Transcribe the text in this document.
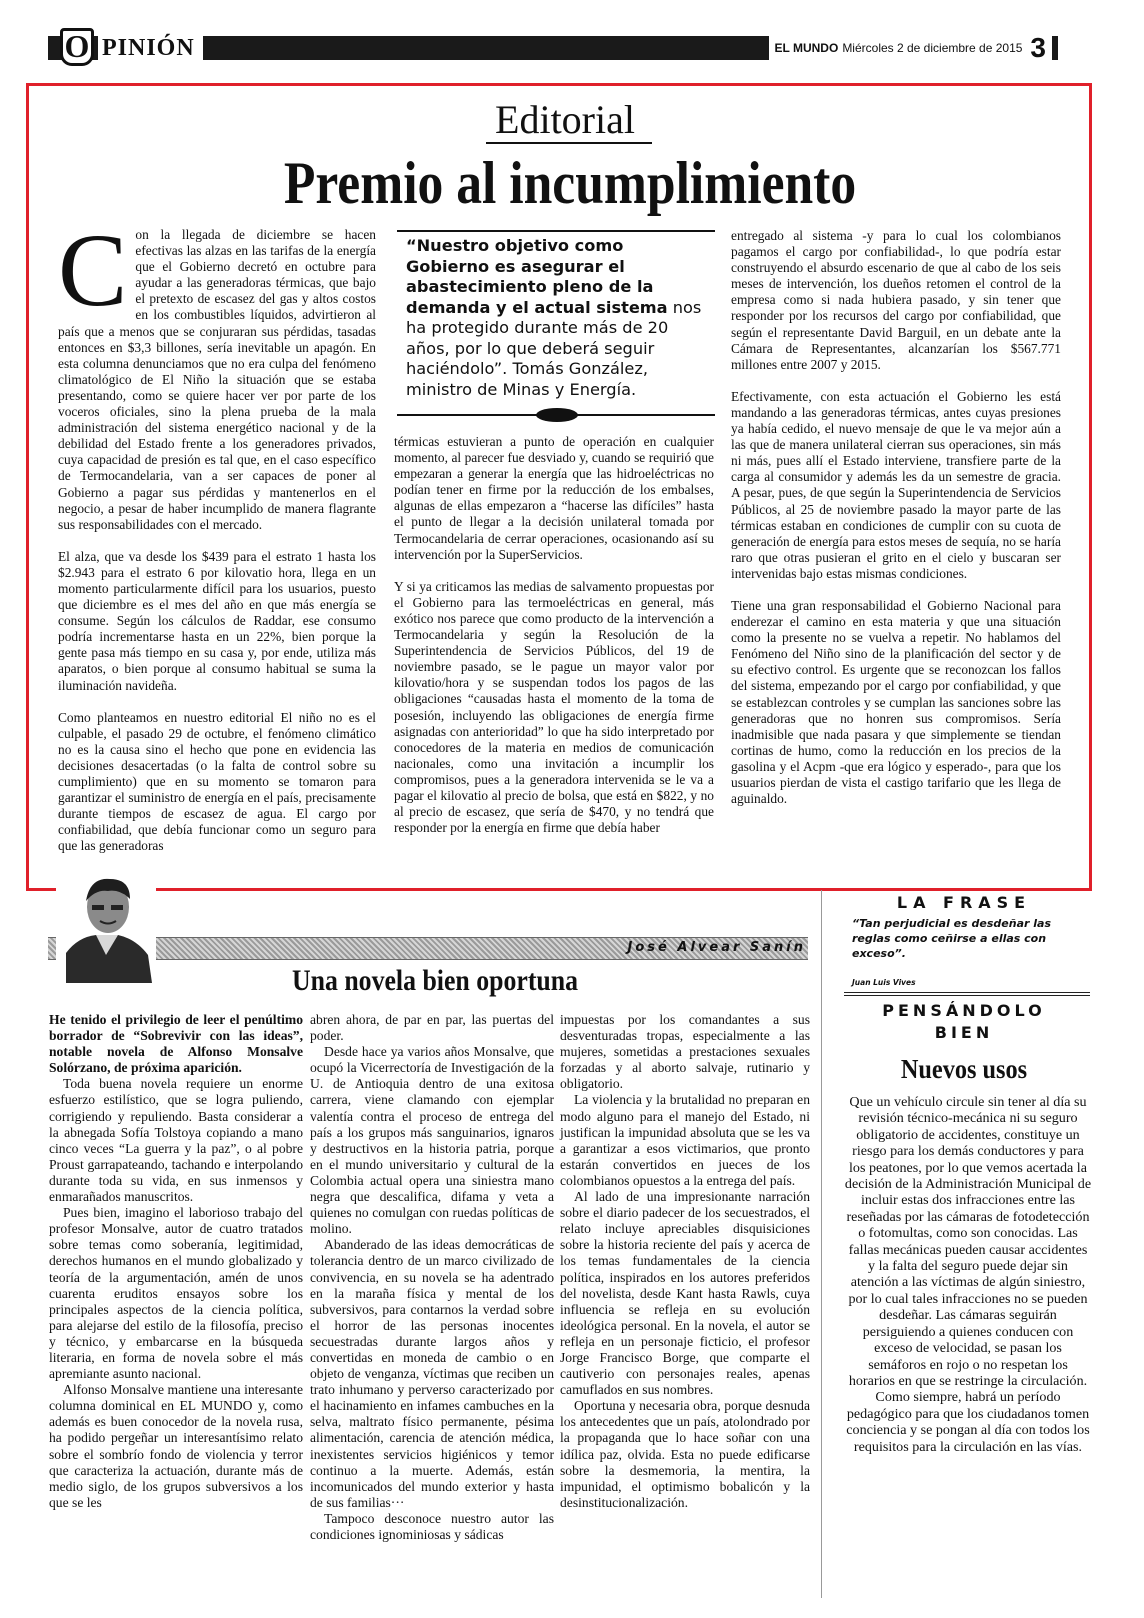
O PINIÓN	EL MUNDO Miércoles 2 de diciembre de 2015 3
Editorial
Premio al incumplimiento

Con la llegada de diciembre se hacen efectivas las alzas en las tarifas de la energía que el Gobierno decretó en octubre para ayudar a las generadoras térmicas, que bajo el pretexto de escasez del gas y altos costos en los combustibles líquidos, advirtieron al país que a menos que se conjuraran sus pérdidas, tasadas entonces en $3,3 billones, sería inevitable un apagón. En esta columna denunciamos que no era culpa del fenómeno climatológico de El Niño la situación que se estaba presentando, como se quiere hacer ver por parte de los voceros oficiales, sino la plena prueba de la mala administración del sistema energético nacional y de la debilidad del Estado frente a los generadores privados, cuya capacidad de presión es tal que, en el caso específico de Termocandelaria, van a ser capaces de poner al Gobierno a pagar sus pérdidas y mantenerlos en el negocio, a pesar de haber incumplido de manera flagrante sus responsabilidades con el mercado.

El alza, que va desde los $439 para el estrato 1 hasta los $2.943 para el estrato 6 por kilovatio hora, llega en un momento particularmente difícil para los usuarios, puesto que diciembre es el mes del año en que más energía se consume. Según los cálculos de Raddar, ese consumo podría incrementarse hasta en un 22%, bien porque la gente pasa más tiempo en su casa y, por ende, utiliza más aparatos, o bien porque al consumo habitual se suma la iluminación navideña.

Como planteamos en nuestro editorial El niño no es el culpable, el pasado 29 de octubre, el fenómeno climático no es la causa sino el hecho que pone en evidencia las decisiones desacertadas (o la falta de control sobre su cumplimiento) que en su momento se tomaron para garantizar el suministro de energía en el país, precisamente durante tiempos de escasez de agua. El cargo por confiabilidad, que debía funcionar como un seguro para que las generadoras

“Nuestro objetivo como Gobierno es asegurar el abastecimiento pleno de la demanda y el actual sistema nos ha protegido durante más de 20 años, por lo que deberá seguir haciéndolo”. Tomás González, ministro de Minas y Energía.

térmicas estuvieran a punto de operación en cualquier momento, al parecer fue desviado y, cuando se requirió que empezaran a generar la energía que las hidroeléctricas no podían tener en firme por la reducción de los embalses, algunas de ellas empezaron a “hacerse las difíciles” hasta el punto de llegar a la decisión unilateral tomada por Termocandelaria de cerrar operaciones, ocasionando así su intervención por la SuperServicios.

Y si ya criticamos las medias de salvamento propuestas por el Gobierno para las termoeléctricas en general, más exótico nos parece que como producto de la intervención a Termocandelaria y según la Resolución de la Superintendencia de Servicios Públicos, del 19 de noviembre pasado, se le pague un mayor valor por kilovatio/hora y se suspendan todos los pagos de las obligaciones “causadas hasta el momento de la toma de posesión, incluyendo las obligaciones de energía firme asignadas con anterioridad” lo que ha sido interpretado por conocedores de la materia en medios de comunicación nacionales, como una invitación a incumplir los compromisos, pues a la generadora intervenida se le va a pagar el kilovatio al precio de bolsa, que está en $822, y no al precio de escasez, que sería de $470, y no tendrá que responder por la energía en firme que debía haber

entregado al sistema -y para lo cual los colombianos pagamos el cargo por confiabilidad-, lo que podría estar construyendo el absurdo escenario de que al cabo de los seis meses de intervención, los dueños retomen el control de la empresa como si nada hubiera pasado, y sin tener que responder por los recursos del cargo por confiabilidad, que según el representante David Barguil, en un debate ante la Cámara de Representantes, alcanzarían los $567.771 millones entre 2007 y 2015.

Efectivamente, con esta actuación el Gobierno les está mandando a las generadoras térmicas, antes cuyas presiones ya había cedido, el nuevo mensaje de que le va mejor aún a las que de manera unilateral cierran sus operaciones, sin más ni más, pues allí el Estado interviene, transfiere parte de la carga al consumidor y además les da un semestre de gracia. A pesar, pues, de que según la Superintendencia de Servicios Públicos, al 25 de noviembre pasado la mayor parte de las térmicas estaban en condiciones de cumplir con su cuota de generación de energía para estos meses de sequía, no se haría raro que otras pusieran el grito en el cielo y buscaran ser intervenidas bajo estas mismas condiciones.

Tiene una gran responsabilidad el Gobierno Nacional para enderezar el camino en esta materia y que una situación como la presente no se vuelva a repetir. No hablamos del Fenómeno del Niño sino de la planificación del sector y de su efectivo control. Es urgente que se reconozcan los fallos del sistema, empezando por el cargo por confiabilidad, y que se establezcan controles y se cumplan las sanciones sobre las generadoras que no honren sus compromisos. Sería inadmisible que nada pasara y que simplemente se tiendan cortinas de humo, como la reducción en los precios de la gasolina y el Acpm -que era lógico y esperado-, para que los usuarios pierdan de vista el castigo tarifario que les llega de aguinaldo.

José Alvear Sanín
Una novela bien oportuna

He tenido el privilegio de leer el penúltimo borrador de “Sobrevivir con las ideas”, notable novela de Alfonso Monsalve Solórzano, de próxima aparición.

Toda buena novela requiere un enorme esfuerzo estilístico, que se logra puliendo, corrigiendo y repuliendo. Basta considerar a la abnegada Sofía Tolstoya copiando a mano cinco veces “La guerra y la paz”, o al pobre Proust garrapateando, tachando e interpolando durante toda su vida, en sus inmensos y enmarañados manuscritos.

Pues bien, imagino el laborioso trabajo del profesor Monsalve, autor de cuatro tratados sobre temas como soberanía, legitimidad, derechos humanos en el mundo globalizado y teoría de la argumentación, amén de unos cuarenta eruditos ensayos sobre los principales aspectos de la ciencia política, para alejarse del estilo de la filosofía, preciso y técnico, y embarcarse en la búsqueda literaria, en forma de novela sobre el más apremiante asunto nacional.

Alfonso Monsalve mantiene una interesante columna dominical en EL MUNDO y, como además es buen conocedor de la novela rusa, ha podido pergeñar un interesantísimo relato sobre el sombrío fondo de violencia y terror que caracteriza la actuación, durante más de medio siglo, de los grupos subversivos a los que se les

abren ahora, de par en par, las puertas del poder.

Desde hace ya varios años Monsalve, que ocupó la Vicerrectoría de Investigación de la U. de Antioquia dentro de una exitosa carrera, viene clamando con ejemplar valentía contra el proceso de entrega del país a los grupos más sanguinarios, ignaros y destructivos en la historia patria, porque en el mundo universitario y cultural de la Colombia actual opera una siniestra mano negra que descalifica, difama y veta a quienes no comulgan con ruedas políticas de molino.

Abanderado de las ideas democráticas de tolerancia dentro de un marco civilizado de convivencia, en su novela se ha adentrado en la maraña física y mental de los subversivos, para contarnos la verdad sobre el horror de las personas inocentes secuestradas durante largos años y convertidas en moneda de cambio o en objeto de venganza, víctimas que reciben un trato inhumano y perverso caracterizado por el hacinamiento en infames cambuches en la selva, maltrato físico permanente, pésima alimentación, carencia de atención médica, inexistentes servicios higiénicos y temor continuo a la muerte. Además, están incomunicados del mundo exterior y hasta de sus familias···

Tampoco desconoce nuestro autor las condiciones ignominiosas y sádicas

impuestas por los comandantes a sus desventuradas tropas, especialmente a las mujeres, sometidas a prestaciones sexuales forzadas y al aborto salvaje, rutinario y obligatorio.

La violencia y la brutalidad no preparan en modo alguno para el manejo del Estado, ni justifican la impunidad absoluta que se les va a garantizar a esos victimarios, que pronto estarán convertidos en jueces de los colombianos opuestos a la entrega del país.

Al lado de una impresionante narración sobre el diario padecer de los secuestrados, el relato incluye apreciables disquisiciones sobre la historia reciente del país y acerca de los temas fundamentales de la ciencia política, inspirados en los autores preferidos del novelista, desde Kant hasta Rawls, cuya influencia se refleja en su evolución ideológica personal. En la novela, el autor se refleja en un personaje ficticio, el profesor Jorge Francisco Borge, que comparte el cautiverio con personajes reales, apenas camuflados en sus nombres.

Oportuna y necesaria obra, porque desnuda los antecedentes que un país, atolondrado por la propaganda que lo hace soñar con una idílica paz, olvida. Esta no puede edificarse sobre la desmemoria, la mentira, la impunidad, el optimismo bobalicón y la desinstitucionalización.

LA FRASE
“Tan perjudicial es desdeñar las reglas como ceñirse a ellas con exceso”.
Juan Luis Vives
PENSÁNDOLO
BIEN
Nuevos usos
Que un vehículo circule sin tener al día su revisión técnico-mecánica ni su seguro obligatorio de accidentes, constituye un riesgo para los demás conductores y para los peatones, por lo que vemos acertada la decisión de la Administración Municipal de incluir estas dos infracciones entre las reseñadas por las cámaras de fotodetección o fotomultas, como son conocidas. Las fallas mecánicas pueden causar accidentes y la falta del seguro puede dejar sin atención a las víctimas de algún siniestro, por lo cual tales infracciones no se pueden desdeñar. Las cámaras seguirán persiguiendo a quienes conducen con exceso de velocidad, se pasan los semáforos en rojo o no respetan los horarios en que se restringe la circulación. Como siempre, habrá un período pedagógico para que los ciudadanos tomen conciencia y se pongan al día con todos los requisitos para la circulación en las vías.
